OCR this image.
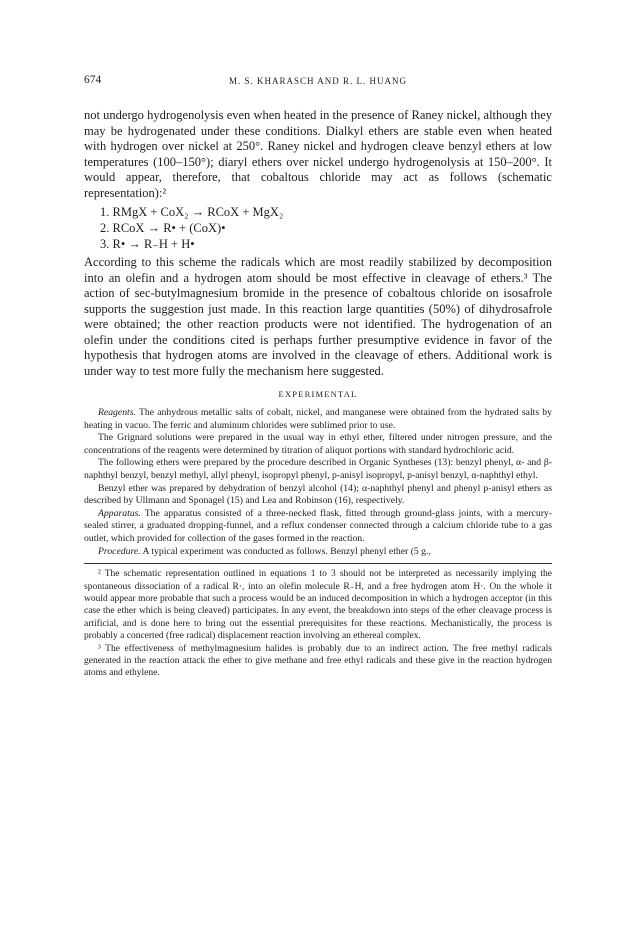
674	M. S. KHARASCH AND R. L. HUANG

not undergo hydrogenolysis even when heated in the presence of Raney nickel, although they may be hydrogenated under these conditions. Dialkyl ethers are stable even when heated with hydrogen over nickel at 250°. Raney nickel and hydrogen cleave benzyl ethers at low temperatures (100–150°); diaryl ethers over nickel undergo hydrogenolysis at 150–200°. It would appear, therefore, that cobaltous chloride may act as follows (schematic representation):²

1. RMgX + CoX₂ → RCoX + MgX₂
2. RCoX → R• + (CoX)•
3. R• → R₋H + H•

According to this scheme the radicals which are most readily stabilized by decomposition into an olefin and a hydrogen atom should be most effective in cleavage of ethers.³ The action of sec-butylmagnesium bromide in the presence of cobaltous chloride on isosafrole supports the suggestion just made. In this reaction large quantities (50%) of dihydrosafrole were obtained; the other reaction products were not identified. The hydrogenation of an olefin under the conditions cited is perhaps further presumptive evidence in favor of the hypothesis that hydrogen atoms are involved in the cleavage of ethers. Additional work is under way to test more fully the mechanism here suggested.

EXPERIMENTAL

Reagents. The anhydrous metallic salts of cobalt, nickel, and manganese were obtained from the hydrated salts by heating in vacuo. The ferric and aluminum chlorides were sublimed prior to use.

The Grignard solutions were prepared in the usual way in ethyl ether, filtered under nitrogen pressure, and the concentrations of the reagents were determined by titration of aliquot portions with standard hydrochloric acid.

The following ethers were prepared by the procedure described in Organic Syntheses (13): benzyl phenyl, α- and β-naphthyl benzyl, benzyl methyl, allyl phenyl, isopropyl phenyl, p-anisyl isopropyl, p-anisyl benzyl, α-naphthyl ethyl.

Benzyl ether was prepared by dehydration of benzyl alcohol (14); α-naphthyl phenyl and phenyl p-anisyl ethers as described by Ullmann and Sponagel (15) and Lea and Robinson (16), respectively.

Apparatus. The apparatus consisted of a three-necked flask, fitted through ground-glass joints, with a mercury-sealed stirrer, a graduated dropping-funnel, and a reflux condenser connected through a calcium chloride tube to a gas outlet, which provided for collection of the gases formed in the reaction.

Procedure. A typical experiment was conducted as follows. Benzyl phenyl ether (5 g.,

² The schematic representation outlined in equations 1 to 3 should not be interpreted as necessarily implying the spontaneous dissociation of a radical R·, into an olefin molecule R₋H, and a free hydrogen atom H·. On the whole it would appear more probable that such a process would be an induced decomposition in which a hydrogen acceptor (in this case the ether which is being cleaved) participates. In any event, the breakdown into steps of the ether cleavage process is artificial, and is done here to bring out the essential prerequisites for these reactions. Mechanistically, the process is probably a concerted (free radical) displacement reaction involving an ethereal complex.

³ The effectiveness of methylmagnesium halides is probably due to an indirect action. The free methyl radicals generated in the reaction attack the ether to give methane and free ethyl radicals and these give in the reaction hydrogen atoms and ethylene.
